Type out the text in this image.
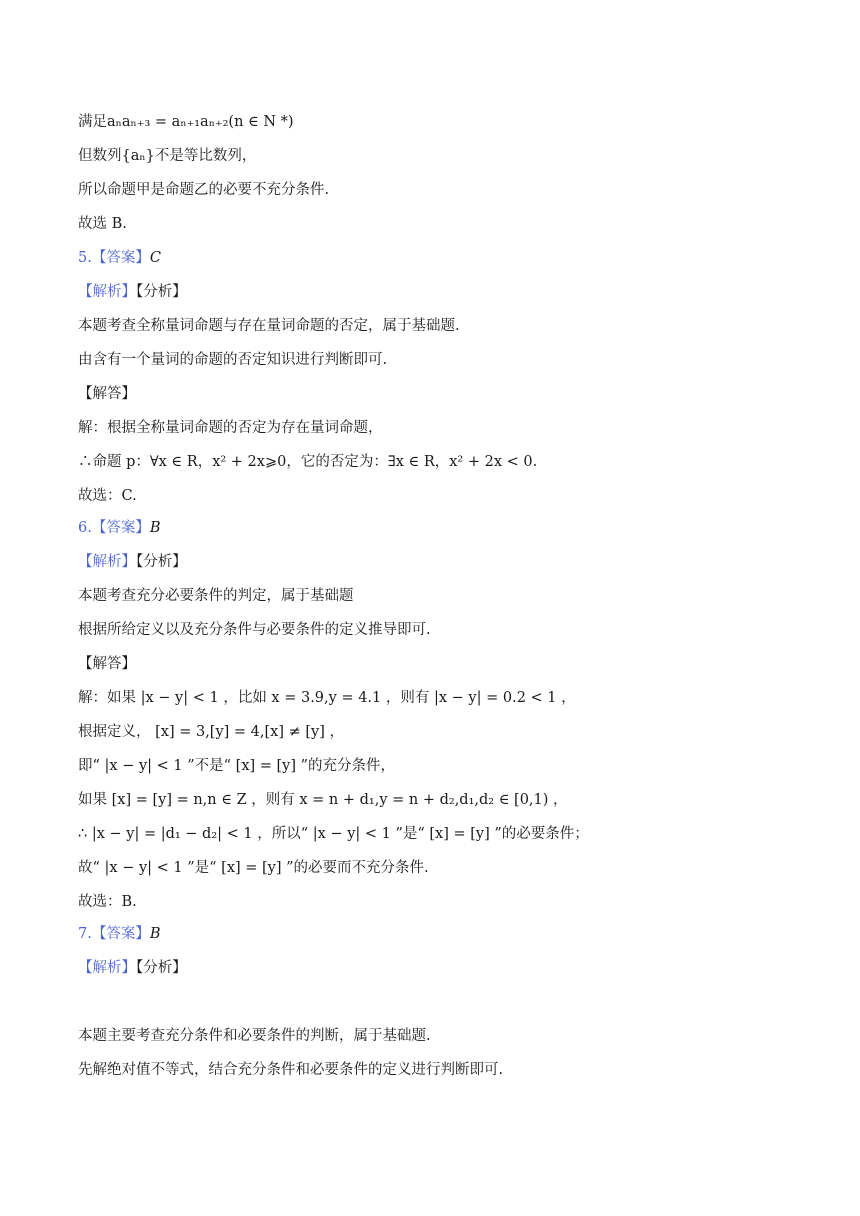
满足aₙaₙ₊₃ = aₙ₊₁aₙ₊₂(n ∈ N *)
但数列{aₙ}不是等比数列，
所以命题甲是命题乙的必要不充分条件.
故选 B.
5.【答案】C
【解析】【分析】
本题考查全称量词命题与存在量词命题的否定，属于基础题.
由含有一个量词的命题的否定知识进行判断即可.
【解答】
解：根据全称量词命题的否定为存在量词命题，
∴命题 p：∀x ∈ R，x² + 2x⩾0，它的否定为：∃x ∈ R，x² + 2x < 0.
故选：C.
6.【答案】B
【解析】【分析】
本题考查充分必要条件的判定，属于基础题
根据所给定义以及充分条件与必要条件的定义推导即可.
【解答】
解：如果 |x − y| < 1 ，比如 x = 3.9,y = 4.1 ，则有 |x − y| = 0.2 < 1 ，
根据定义， [x] = 3,[y] = 4,[x] ≠ [y] ，
即“ |x − y| < 1 ”不是“ [x] = [y] ”的充分条件，
如果 [x] = [y] = n,n ∈ Z ，则有 x = n + d₁,y = n + d₂,d₁,d₂ ∈ [0,1) ，
∴ |x − y| = |d₁ − d₂| < 1 ，所以“ |x − y| < 1 ”是“ [x] = [y] ”的必要条件；
故“ |x − y| < 1 ”是“ [x] = [y] ”的必要而不充分条件.
故选：B.
7.【答案】B
【解析】【分析】
本题主要考查充分条件和必要条件的判断，属于基础题.
先解绝对值不等式，结合充分条件和必要条件的定义进行判断即可.
